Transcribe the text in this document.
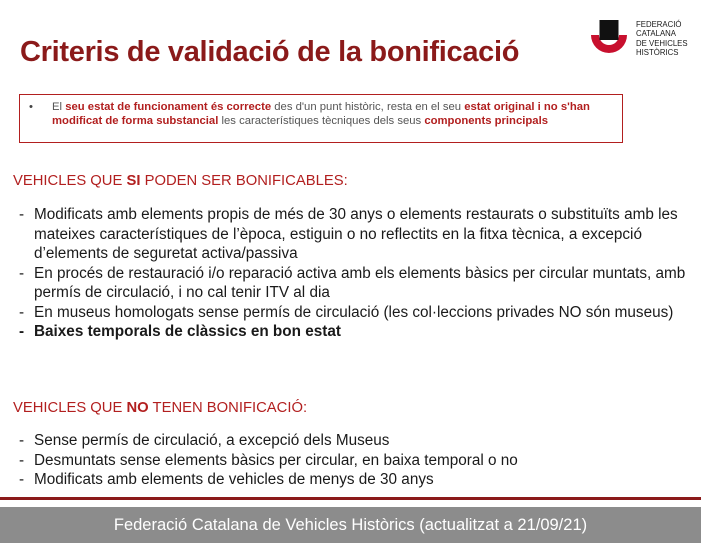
Criteris de validació de la bonificació
FEDERACIÓ
CATALANA
DE VEHICLES
HISTÒRICS
• El seu estat de funcionament és correcte des d'un punt històric, resta en el seu estat original i no s'han modificat de forma substancial les característiques tècniques dels seus components principals
VEHICLES QUE SI PODEN SER BONIFICABLES:
- Modificats amb elements propis de més de 30 anys o elements restaurats o substituïts amb les mateixes característiques de l’època, estiguin o no reflectits en la fitxa tècnica, a excepció d’elements de seguretat activa/passiva
- En procés de restauració i/o reparació activa amb els elements bàsics per circular muntats, amb permís de circulació, i no cal tenir ITV al dia
- En museus homologats sense permís de circulació (les col·leccions privades NO són museus)
- Baixes temporals de clàssics en bon estat
VEHICLES QUE NO TENEN BONIFICACIÓ:
- Sense permís de circulació, a excepció dels Museus
- Desmuntats sense elements bàsics per circular, en baixa temporal o no
- Modificats amb elements de vehicles de menys de 30 anys
Federació Catalana de Vehicles Històrics (actualitzat a 21/09/21)
